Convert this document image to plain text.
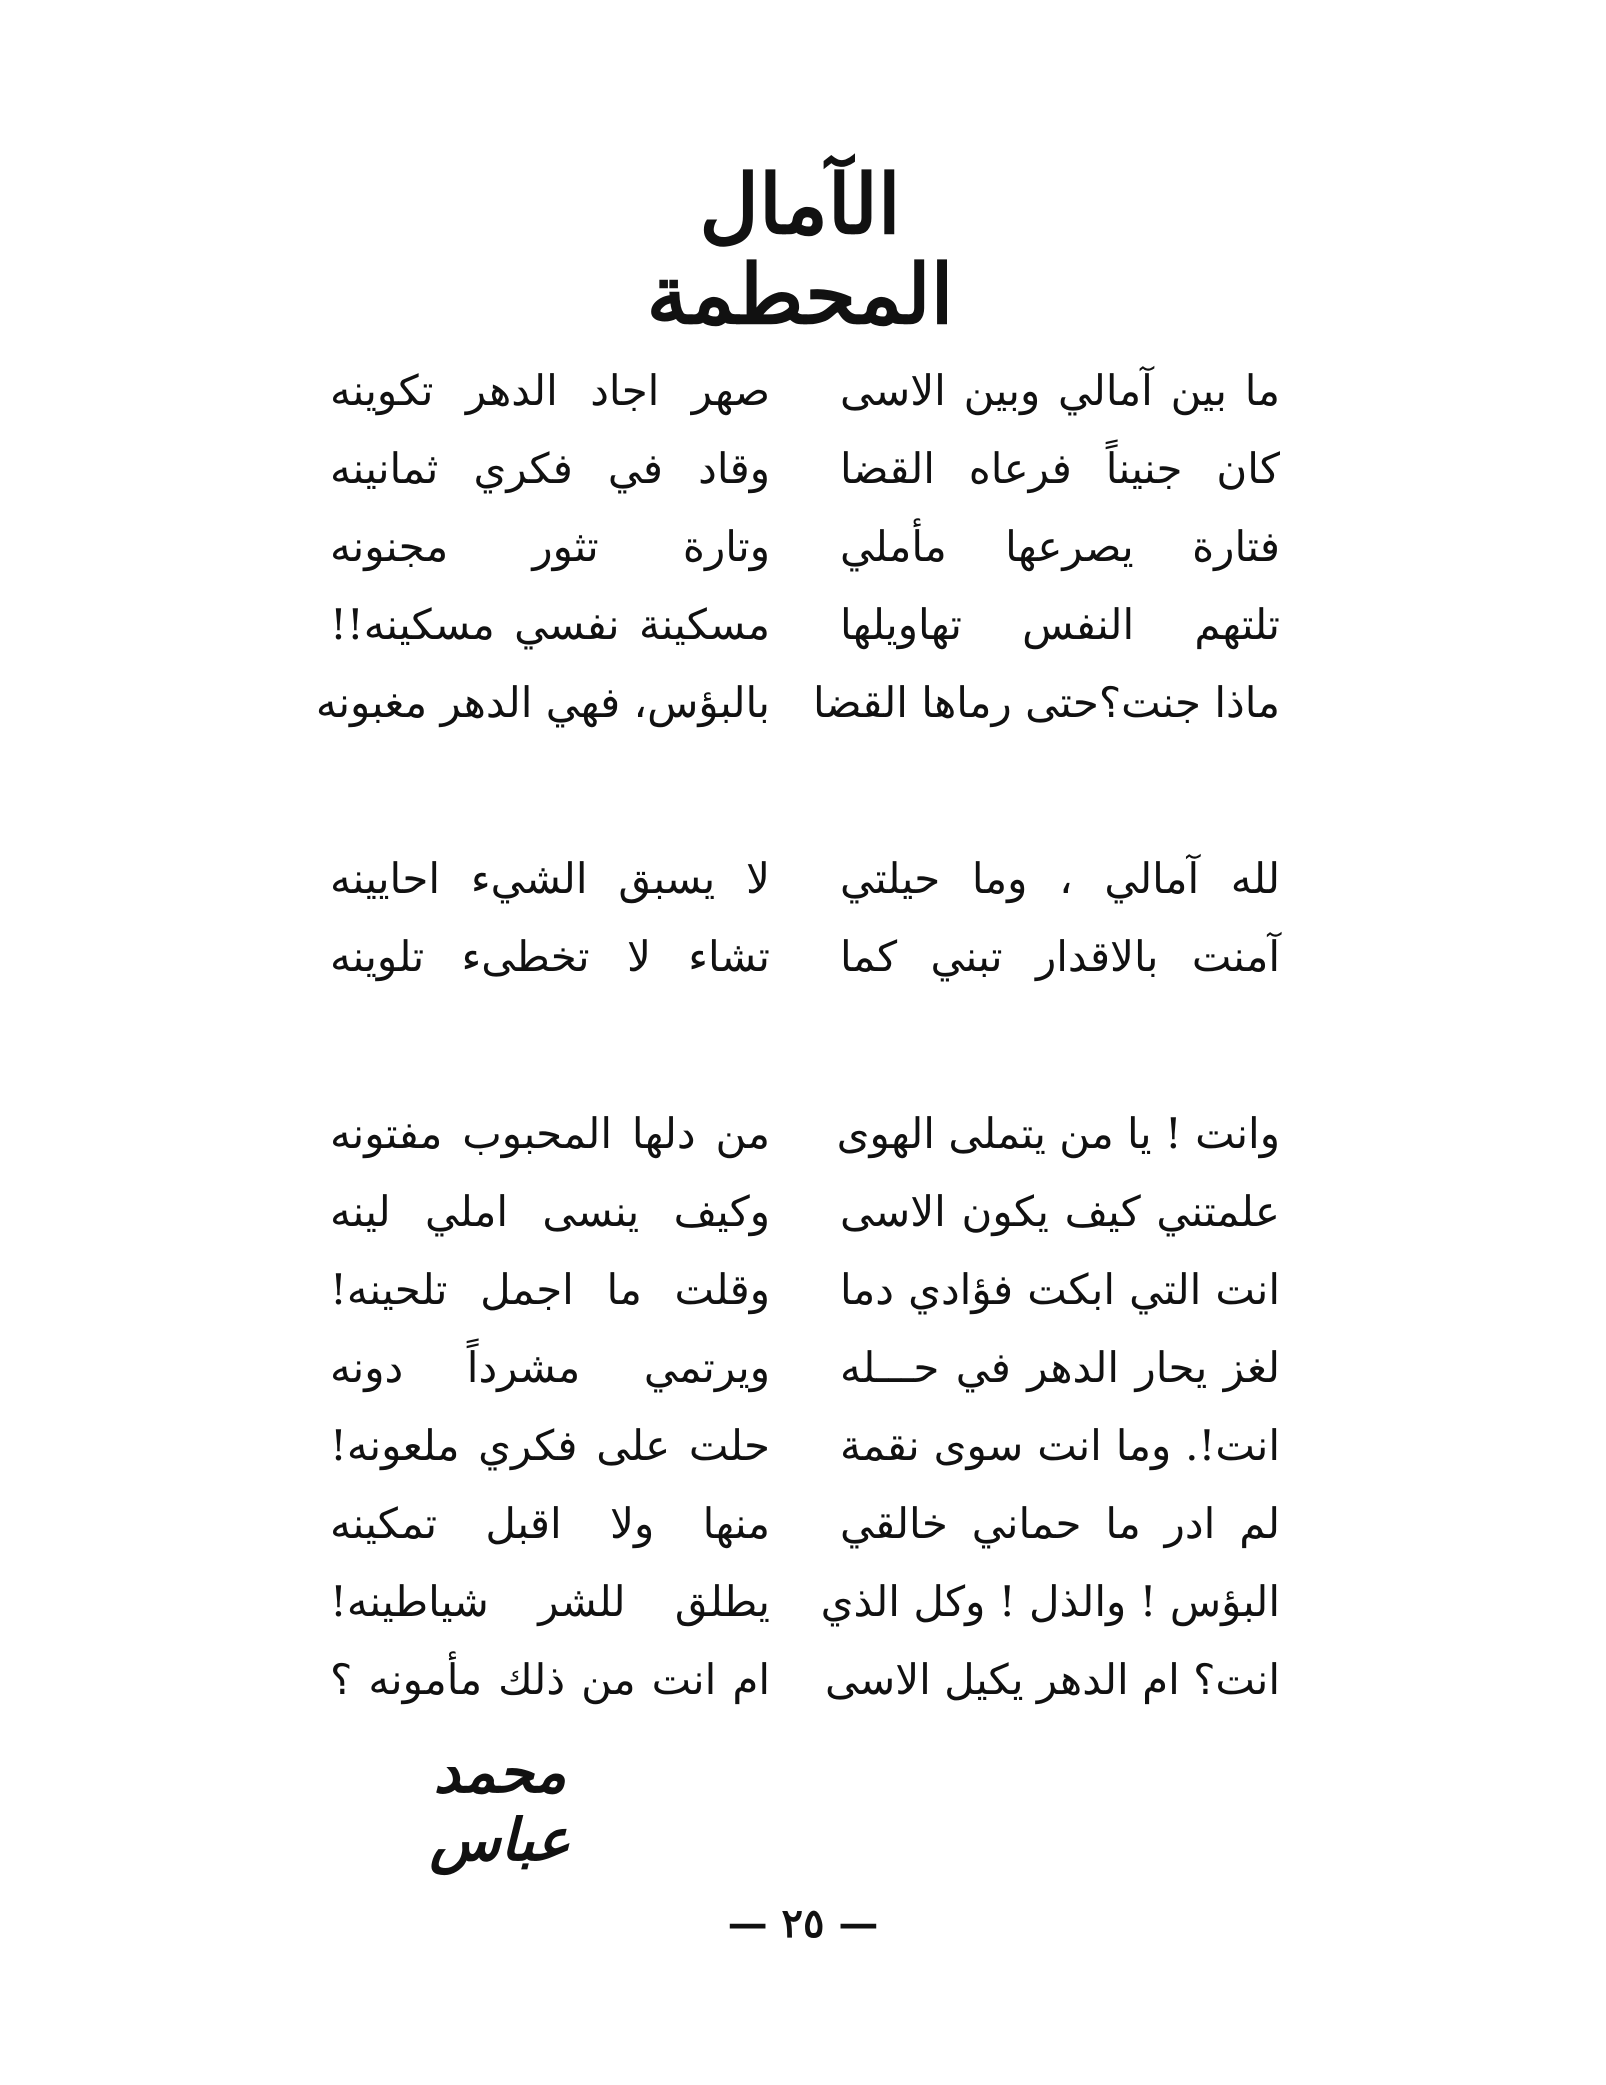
الآمال المحطمة
ما بين آمالي وبين الاسى
صهر اجاد الدهر تكوينه
كان جنيناً فرعاه القضا
وقاد في فكري ثمانينه
فتارة يصرعها مأملي
وتارة تثور مجنونه
تلتهم النفس تهاويلها
مسكينة نفسي مسكينه!!
ماذا جنت؟حتى رماها القضا
بالبؤس، فهي الدهر مغبونه
لله آمالي ، وما حيلتي
لا يسبق الشيء احايينه
آمنت بالاقدار تبني كما
تشاء لا تخطىء تلوينه
وانت ! يا من يتملى الهوى
من دلها المحبوب مفتونه
علمتني كيف يكون الاسى
وكيف ينسى املي لينه
انت التي ابكت فؤادي دما
وقلت ما اجمل تلحينه!
لغز يحار الدهر في حـــله
ويرتمي مشرداً دونه
انت!. وما انت سوى نقمة
حلت على فكري ملعونه!
لم ادر ما حماني خالقي
منها ولا اقبل تمكينه
البؤس ! والذل ! وكل الذي
يطلق للشر شياطينه!
انت؟ ام الدهر يكيل الاسى
ام انت من ذلك مأمونه ؟
محمد عباس
— ٢٥ —
